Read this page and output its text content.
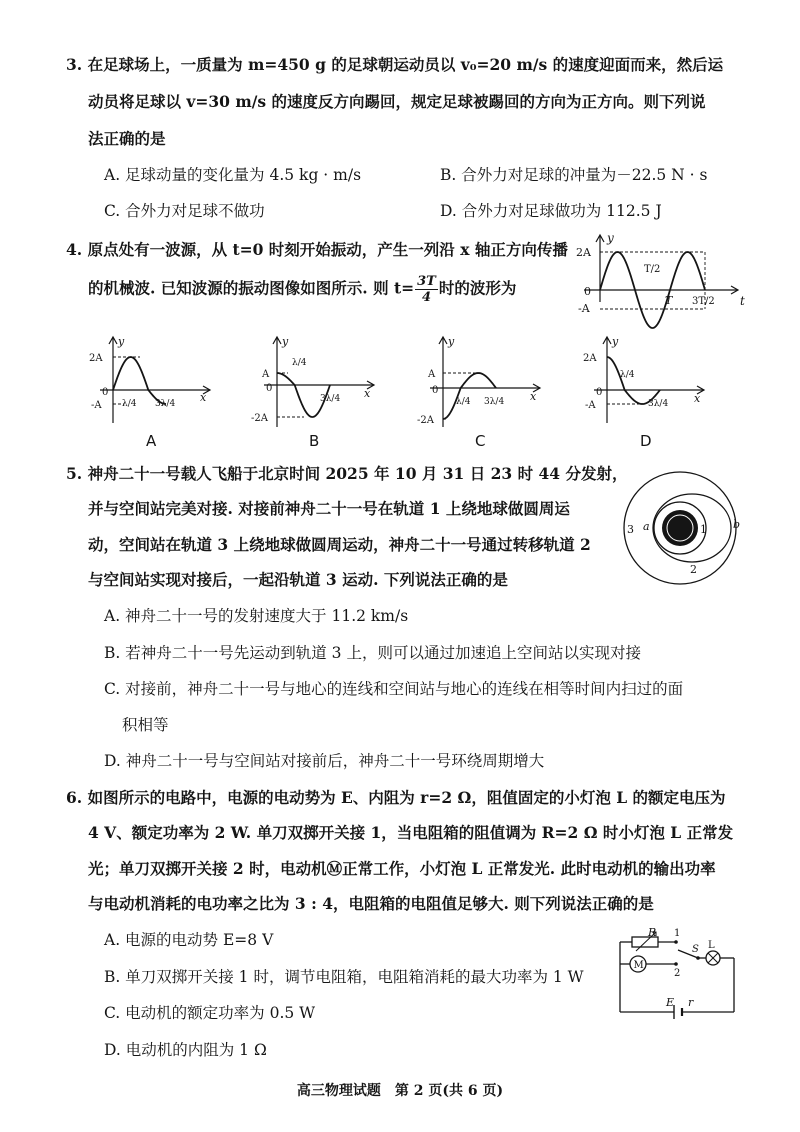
3. 在足球场上，一质量为 m=450 g 的足球朝运动员以 v₀=20 m/s 的速度迎面而来，然后运
动员将足球以 v=30 m/s 的速度反方向踢回，规定足球被踢回的方向为正方向。则下列说
法正确的是
A. 足球动量的变化量为 4.5 kg · m/s	B. 合外力对足球的冲量为－22.5 N · s
C. 合外力对足球不做功	D. 合外力对足球做功为 112.5 J
4. 原点处有一波源，从 t=0 时刻开始振动，产生一列沿 x 轴正方向传播
的机械波. 已知波源的振动图像如图所示. 则 $t= \frac{3T}{4}$ 时的波形为
y
t
2A
0
-A
T/2
T 3T/2
y
x
0
2A
-A λ/4 3λ/4
y
x
0
A
-2A
λ/4
3λ/4
y
x
0
A
-2A
λ/4 3λ/4
y
x
0
2A
-A
λ/4
3λ/4
A	B	C	D
5. 神舟二十一号载人飞船于北京时间 2025 年 10 月 31 日 23 时 44 分发射，
并与空间站完美对接. 对接前神舟二十一号在轨道 1 上绕地球做圆周运
动，空间站在轨道 3 上绕地球做圆周运动，神舟二十一号通过转移轨道 2
与空间站实现对接后，一起沿轨道 3 运动. 下列说法正确的是
A. 神舟二十一号的发射速度大于 11.2 km/s
B. 若神舟二十一号先运动到轨道 3 上，则可以通过加速追上空间站以实现对接
C. 对接前，神舟二十一号与地心的连线和空间站与地心的连线在相等时间内扫过的面
积相等
D. 神舟二十一号与空间站对接前后，神舟二十一号环绕周期增大
1
2
3 a	b
6. 如图所示的电路中，电源的电动势为 E、内阻为 r=2 Ω，阻值固定的小灯泡 L 的额定电压为
4 V、额定功率为 2 W. 单刀双掷开关接 1，当电阻箱的阻值调为 R=2 Ω 时小灯泡 L 正常发
光；单刀双掷开关接 2 时，电动机Ⓜ正常工作，小灯泡 L 正常发光. 此时电动机的输出功率
与电动机消耗的电功率之比为 3 : 4，电阻箱的电阻值足够大. 则下列说法正确的是
A. 电源的电动势 E=8 V
B. 单刀双掷开关接 1 时，调节电阻箱，电阻箱消耗的最大功率为 1 W
C. 电动机的额定功率为 0.5 W
D. 电动机的内阻为 1 Ω
M
R 1
2
S L
E r
高三物理试题　第 2 页(共 6 页)
